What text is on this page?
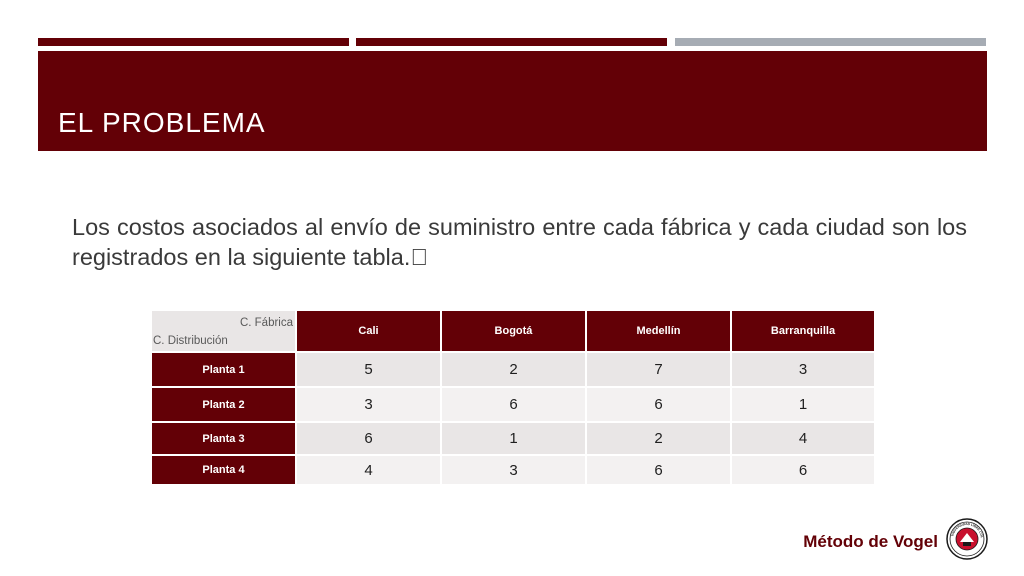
EL PROBLEMA
Los costos asociados al envío de suministro entre cada fábrica y cada ciudad son los registrados en la siguiente tabla.
C. Fábrica
C. Distribución	Cali	Bogotá	Medellín	Barranquilla
Planta 1	5	2	7	3
Planta 2	3	6	6	1
Planta 3	6	1	2	4
Planta 4	4	3	6	6
Método de Vogel	UNIVERSIDAD LIBRE COL
